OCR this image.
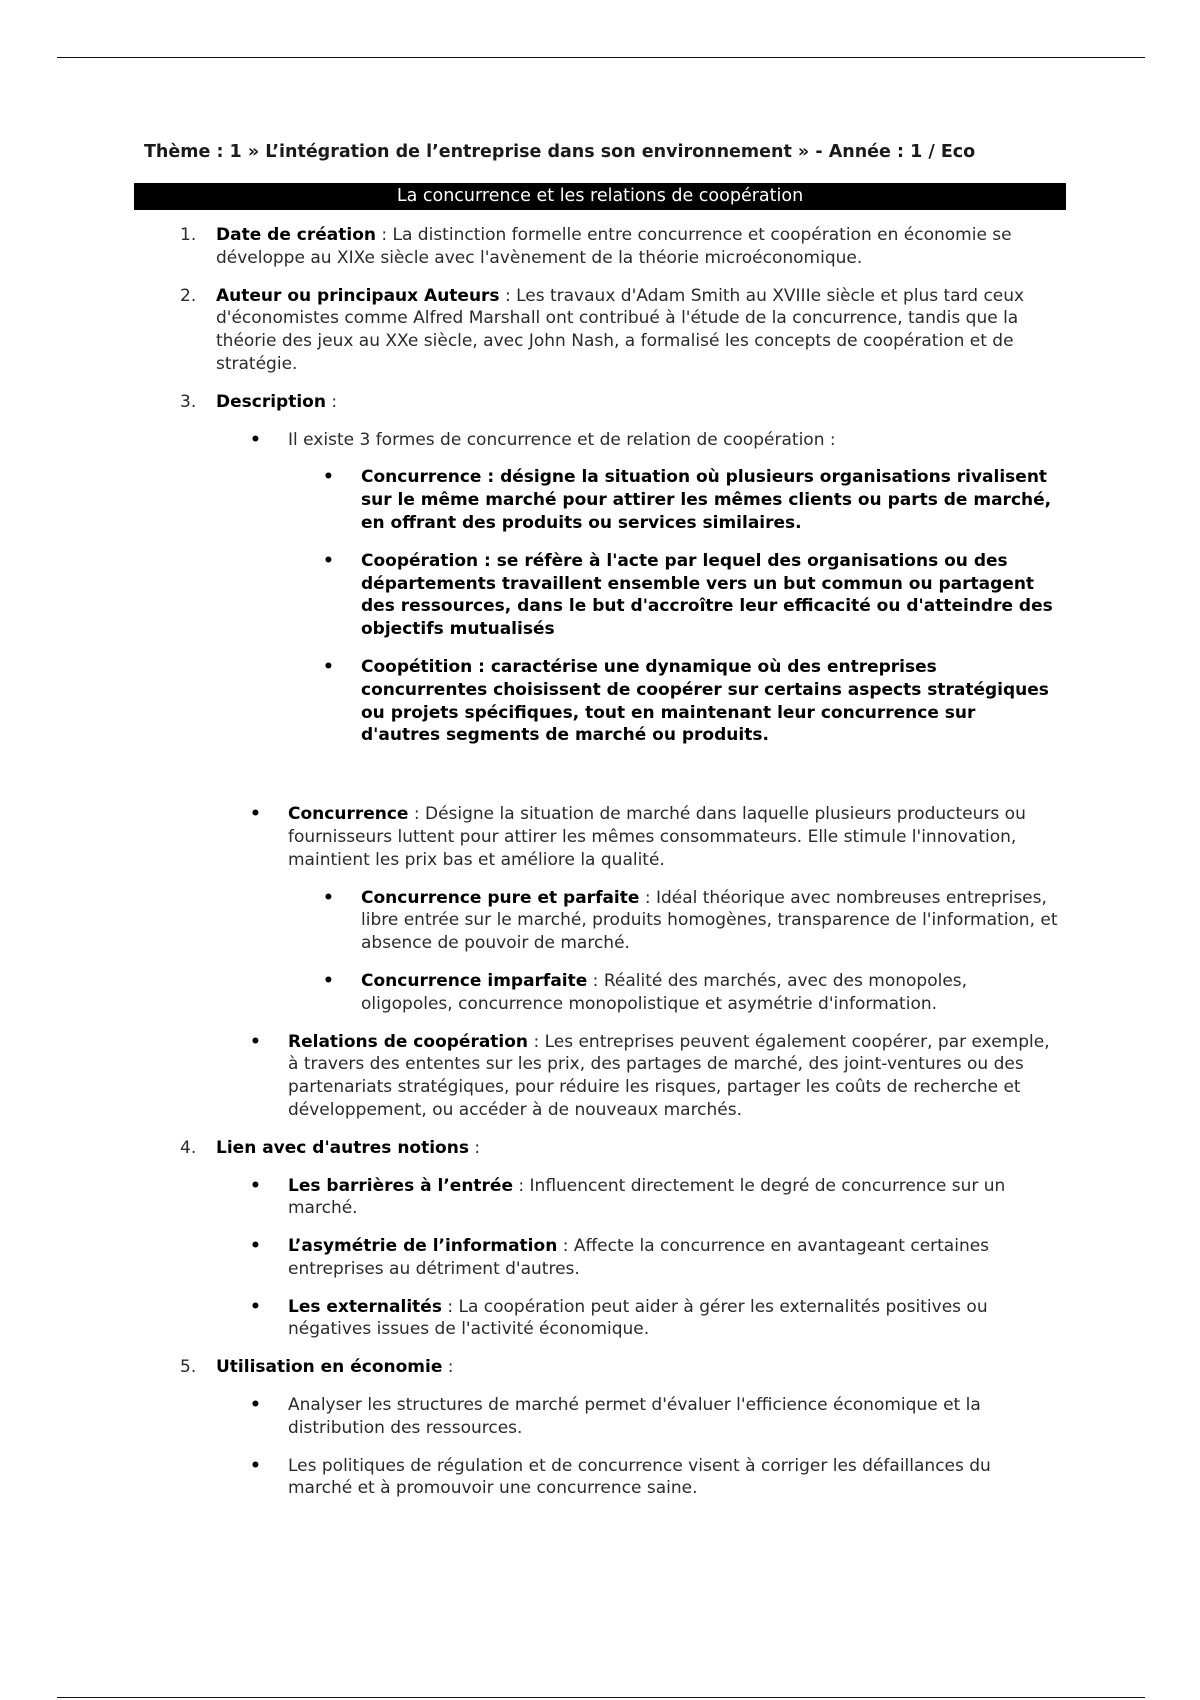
Thème : 1 » L’intégration de l’entreprise dans son environnement » - Année : 1 / Eco
La concurrence et les relations de coopération
1. Date de création : La distinction formelle entre concurrence et coopération en économie se développe au XIXe siècle avec l'avènement de la théorie microéconomique.
2. Auteur ou principaux Auteurs : Les travaux d'Adam Smith au XVIIIe siècle et plus tard ceux d'économistes comme Alfred Marshall ont contribué à l'étude de la concurrence, tandis que la théorie des jeux au XXe siècle, avec John Nash, a formalisé les concepts de coopération et de stratégie.
3. Description :
• Il existe 3 formes de concurrence et de relation de coopération :
• Concurrence : désigne la situation où plusieurs organisations rivalisent sur le même marché pour attirer les mêmes clients ou parts de marché, en offrant des produits ou services similaires.
• Coopération : se réfère à l'acte par lequel des organisations ou des départements travaillent ensemble vers un but commun ou partagent des ressources, dans le but d'accroître leur efficacité ou d'atteindre des objectifs mutualisés
• Coopétition : caractérise une dynamique où des entreprises concurrentes choisissent de coopérer sur certains aspects stratégiques ou projets spécifiques, tout en maintenant leur concurrence sur d'autres segments de marché ou produits.
• Concurrence : Désigne la situation de marché dans laquelle plusieurs producteurs ou fournisseurs luttent pour attirer les mêmes consommateurs. Elle stimule l'innovation, maintient les prix bas et améliore la qualité.
• Concurrence pure et parfaite : Idéal théorique avec nombreuses entreprises, libre entrée sur le marché, produits homogènes, transparence de l'information, et absence de pouvoir de marché.
• Concurrence imparfaite : Réalité des marchés, avec des monopoles, oligopoles, concurrence monopolistique et asymétrie d'information.
• Relations de coopération : Les entreprises peuvent également coopérer, par exemple, à travers des ententes sur les prix, des partages de marché, des joint-ventures ou des partenariats stratégiques, pour réduire les risques, partager les coûts de recherche et développement, ou accéder à de nouveaux marchés.
4. Lien avec d'autres notions :
• Les barrières à l’entrée : Influencent directement le degré de concurrence sur un marché.
• L’asymétrie de l’information : Affecte la concurrence en avantageant certaines entreprises au détriment d'autres.
• Les externalités : La coopération peut aider à gérer les externalités positives ou négatives issues de l'activité économique.
5. Utilisation en économie :
• Analyser les structures de marché permet d'évaluer l'efficience économique et la distribution des ressources.
• Les politiques de régulation et de concurrence visent à corriger les défaillances du marché et à promouvoir une concurrence saine.
